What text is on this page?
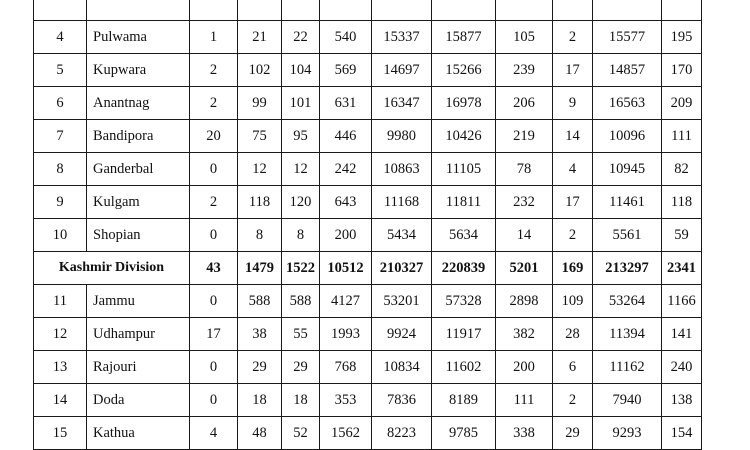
4	Pulwama	1	21	22	540	15337	15877	105	2	15577	195
5	Kupwara	2	102	104	569	14697	15266	239	17	14857	170
6	Anantnag	2	99	101	631	16347	16978	206	9	16563	209
7	Bandipora	20	75	95	446	9980	10426	219	14	10096	111
8	Ganderbal	0	12	12	242	10863	11105	78	4	10945	82
9	Kulgam	2	118	120	643	11168	11811	232	17	11461	118
10	Shopian	0	8	8	200	5434	5634	14	2	5561	59
Kashmir Division		43	1479	1522	10512	210327	220839	5201	169	213297	2341
11	Jammu	0	588	588	4127	53201	57328	2898	109	53264	1166
12	Udhampur	17	38	55	1993	9924	11917	382	28	11394	141
13	Rajouri	0	29	29	768	10834	11602	200	6	11162	240
14	Doda	0	18	18	353	7836	8189	111	2	7940	138
15	Kathua	4	48	52	1562	8223	9785	338	29	9293	154
